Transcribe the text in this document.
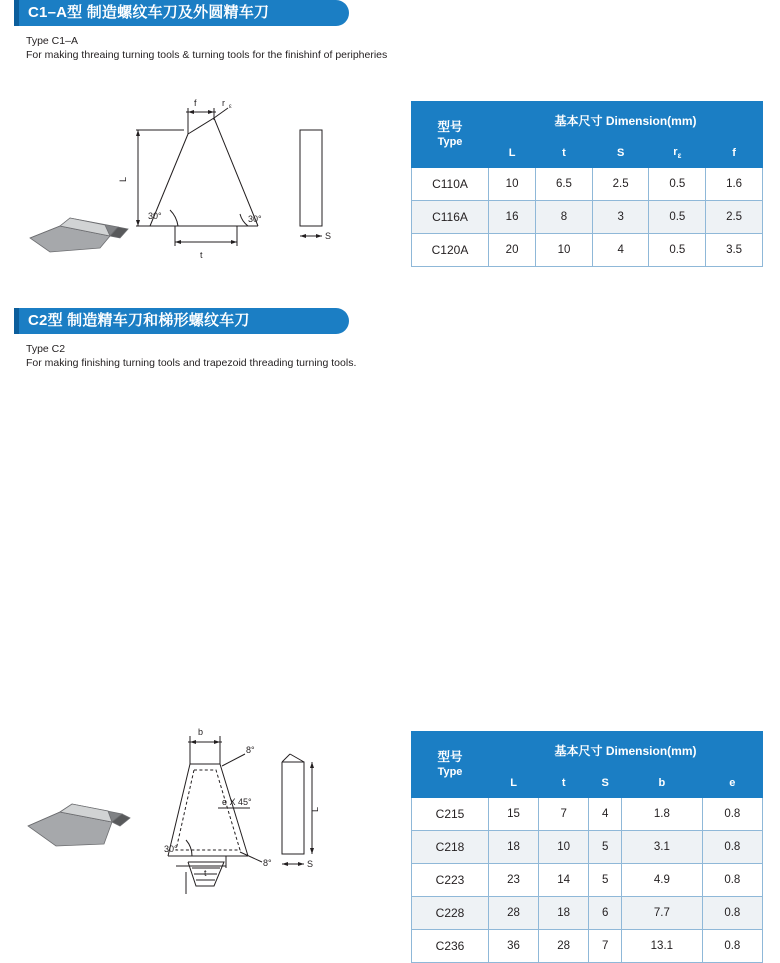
C1–A型 制造螺纹车刀及外圆精车刀
Type C1–A
For making threaing turning tools & turning tools for the finishinf of peripheries
f	r ε
L
t
30°	30°
S
型号
Type	基本尺寸 Dimension(mm)				
	L	t	S	$r_\varepsilon$	f
C110A	10	6.5	2.5	0.5	1.6
C116A	16	8	3	0.5	2.5
C120A	20	10	4	0.5	3.5
C2型 制造精车刀和梯形螺纹车刀
Type C2
For making finishing turning tools and trapezoid threading turning tools.
b
8°
8°
30°
e X 45°
t
L
S
型号
Type	基本尺寸 Dimension(mm)				
	L	t	S	b	e
C215	15	7	4	1.8	0.8
C218	18	10	5	3.1	0.8
C223	23	14	5	4.9	0.8
C228	28	18	6	7.7	0.8
C236	36	28	7	13.1	0.8
